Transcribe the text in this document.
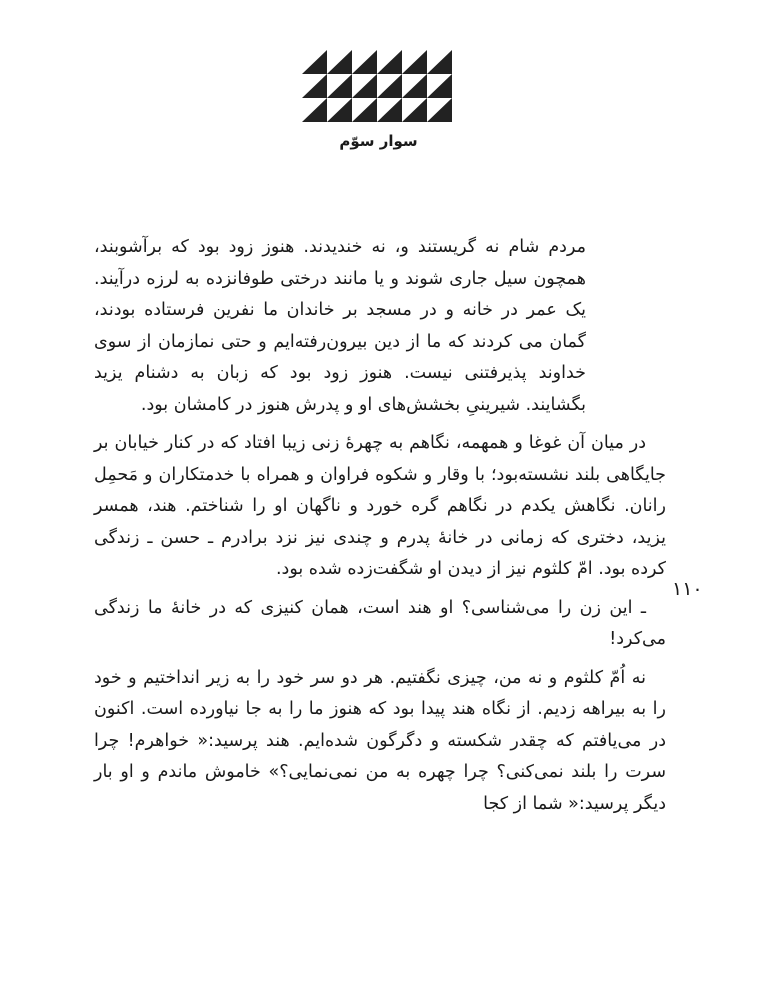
سوار سوّم
۱۱۰

مردم شام نه گریستند و، نه خندیدند. هنوز زود بود که برآشوبند، همچون سیل جاری شوند و یا مانند درختی طوفانزده به لرزه درآیند. یک عمر در خانه و در مسجد بر خاندان ما نفرین فرستاده بودند، گمان می کردند که ما از دین بیرون‌رفته‌ایم و حتی نمازمان از سوی خداوند پذیرفتنی نیست. هنوز زود بود که زبان به دشنام یزید بگشایند. شیرینیِ بخشش‌های او و پدرش هنوز در کامشان بود.

در میان آن غوغا و همهمه، نگاهم به چهرهٔ زنی زیبا افتاد که در کنار خیابان بر جایگاهی بلند نشسته‌بود؛ با وقار و شکوه فراوان و همراه با خدمتکاران و مَحمِل رانان. نگاهش یکدم در نگاهم گره خورد و ناگهان او را شناختم. هند، همسر یزید، دختری که زمانی در خانهٔ پدرم و چندی نیز نزد برادرم ـ حسن ـ زندگی کرده بود. امّ کلثوم نیز از دیدن او شگفت‌زده شده بود.

ـ این زن را می‌شناسی؟ او هند است، همان کنیزی که در خانهٔ ما زندگی می‌کرد!

نه اُمّ کلثوم و نه من، چیزی نگفتیم. هر دو سر خود را به زیر انداختیم و خود را به بیراهه زدیم. از نگاه هند پیدا بود که هنوز ما را به جا نیاورده است. اکنون در می‌یافتم که چقدر شکسته و دگرگون شده‌ایم. هند پرسید:« خواهرم! چرا سرت را بلند نمی‌کنی؟ چرا چهره به من نمی‌نمایی؟» خاموش ماندم و او بار دیگر پرسید:« شما از کجا
